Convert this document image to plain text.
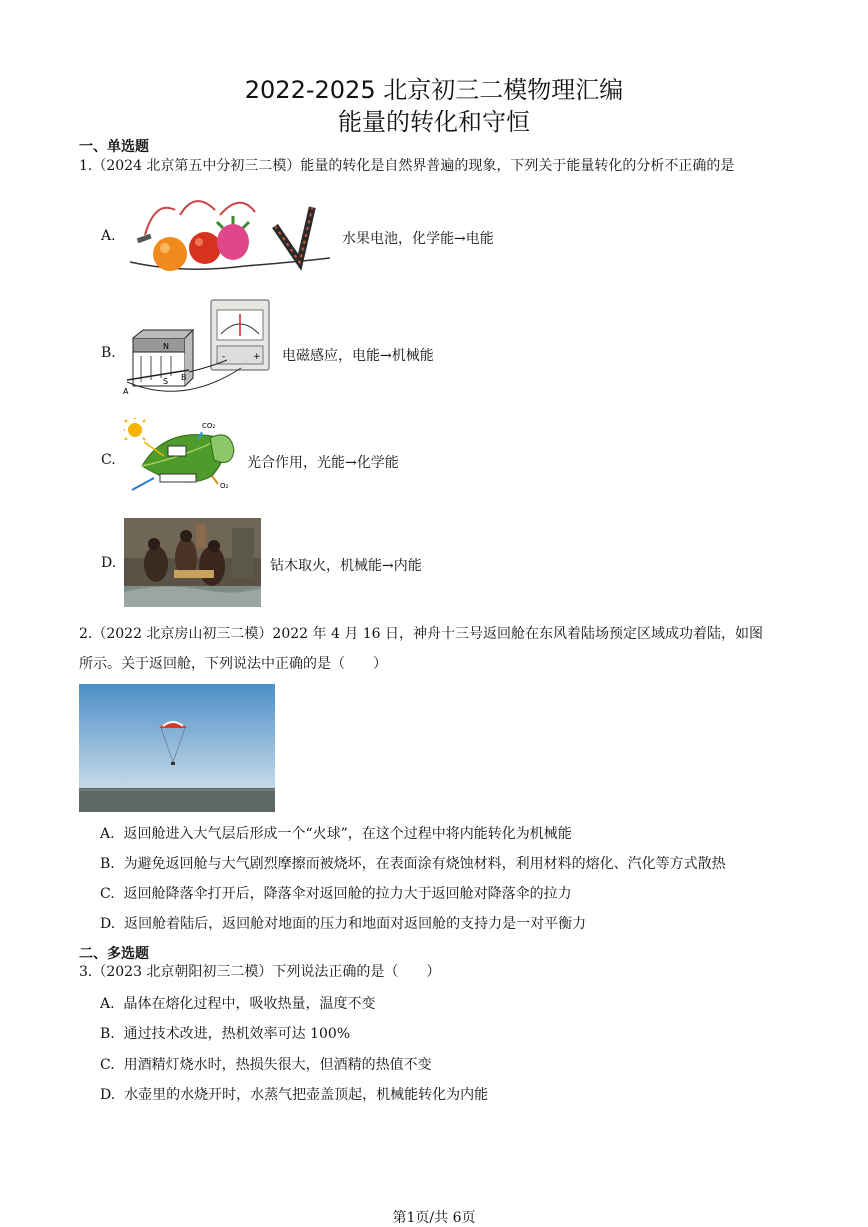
2022-2025 北京初三二模物理汇编
能量的转化和守恒
一、单选题
1.（2024 北京第五中分初三二模）能量的转化是自然界普遍的现象，下列关于能量转化的分析不正确的是
A.	水果电池，化学能→电能
B.	N
S
A
B
-	+ 电磁感应，电能→机械能
C.
CO₂
O₂
光合作用，光能→化学能
D.	钻木取火，机械能→内能
2.（2022 北京房山初三二模）2022 年 4 月 16 日，神舟十三号返回舱在东风着陆场预定区域成功着陆，如图
所示。关于返回舱，下列说法中正确的是（　　）
A. 返回舱进入大气层后形成一个“火球”，在这个过程中将内能转化为机械能
B. 为避免返回舱与大气剧烈摩擦而被烧坏，在表面涂有烧蚀材料，利用材料的熔化、汽化等方式散热
C. 返回舱降落伞打开后，降落伞对返回舱的拉力大于返回舱对降落伞的拉力
D. 返回舱着陆后，返回舱对地面的压力和地面对返回舱的支持力是一对平衡力
二、多选题
3.（2023 北京朝阳初三二模）下列说法正确的是（　　）
A. 晶体在熔化过程中，吸收热量，温度不变
B. 通过技术改进，热机效率可达 100%
C. 用酒精灯烧水时，热损失很大，但酒精的热值不变
D. 水壶里的水烧开时，水蒸气把壶盖顶起，机械能转化为内能
第1页/共 6页
